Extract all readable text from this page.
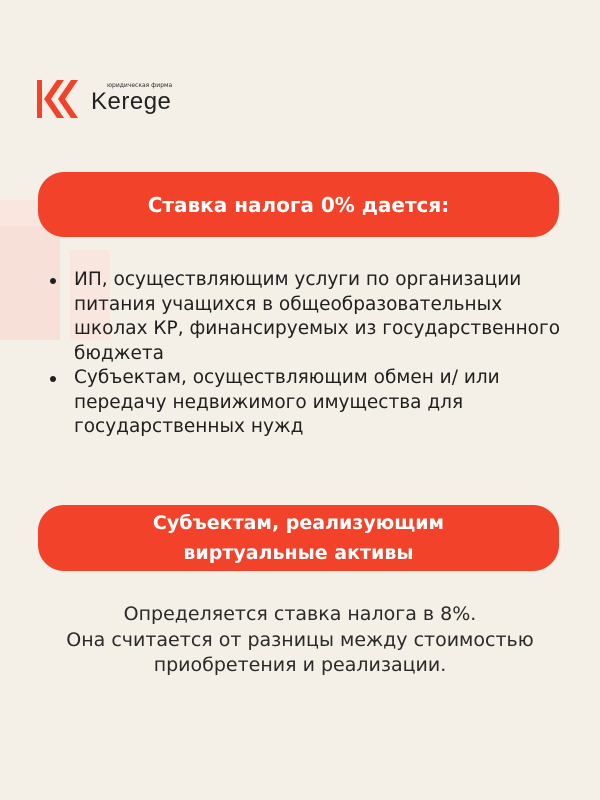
юридическая фирма
Kerege
Ставка налога 0% дается:
ИП, осуществляющим услуги по организации питания учащихся в общеобразовательных школах КР, финансируемых из государственного бюджета
Субъектам, осуществляющим обмен и/ или передачу недвижимого имущества для государственных нужд
Субъектам, реализующим
виртуальные активы
Определяется ставка налога в 8%.
Она считается от разницы между стоимостью
приобретения и реализации.
